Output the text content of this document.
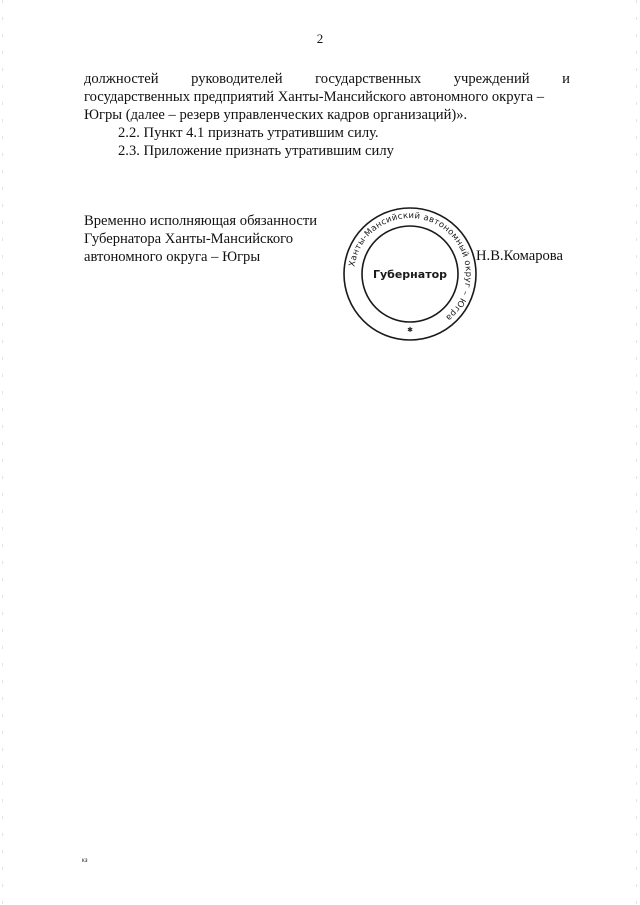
2
должностей руководителей государственных учреждений и
государственных предприятий Ханты-Мансийского автономного округа –
Югры (далее – резерв управленческих кадров организаций)».
2.2. Пункт 4.1 признать утратившим силу.
2.3. Приложение признать утратившим силу
Временно исполняющая обязанности
Губернатора Ханты-Мансийского
автономного округа – Югры	Ханты-Мансийский автономный округ – Югра
Губернатор
✱
Н.В.Комарова
кз
